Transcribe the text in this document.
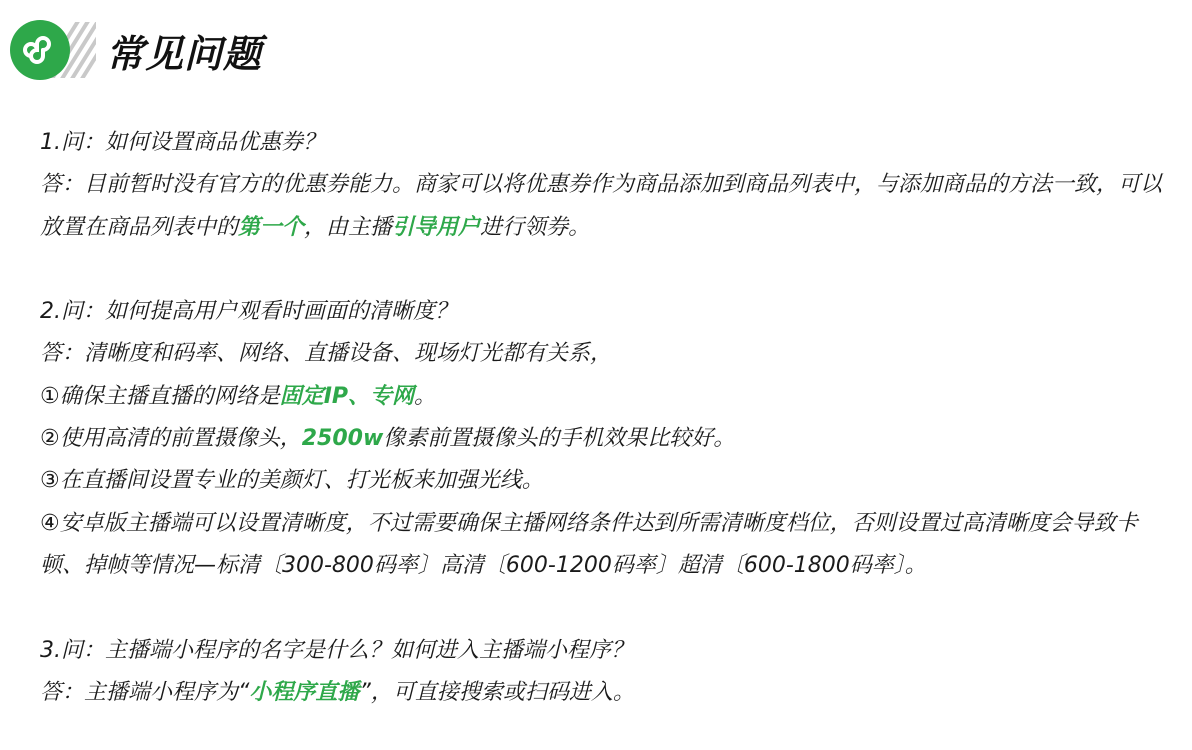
常见问题
1.问：如何设置商品优惠券？
答：目前暂时没有官方的优惠券能力。商家可以将优惠券作为商品添加到商品列表中，与添加商品的方法一致，可以放置在商品列表中的第一个，由主播引导用户进行领券。
2.问：如何提高用户观看时画面的清晰度？
答：清晰度和码率、网络、直播设备、现场灯光都有关系，
①确保主播直播的网络是固定IP、专网。
②使用高清的前置摄像头，2500w像素前置摄像头的手机效果比较好。
③在直播间设置专业的美颜灯、打光板来加强光线。
④安卓版主播端可以设置清晰度，不过需要确保主播网络条件达到所需清晰度档位，否则设置过高清晰度会导致卡顿、掉帧等情况—标清〔300-800码率〕高清〔600-1200码率〕超清〔600-1800码率〕。
3.问：主播端小程序的名字是什么？如何进入主播端小程序？
答：主播端小程序为“小程序直播”，可直接搜索或扫码进入。
